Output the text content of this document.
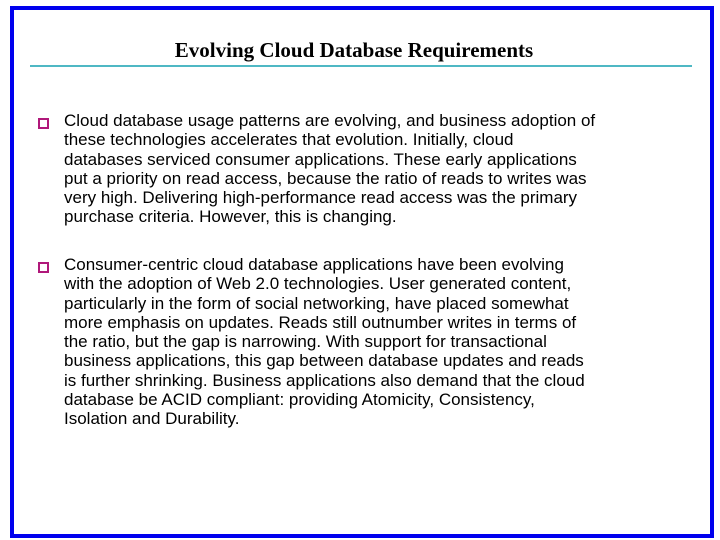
Evolving Cloud Database Requirements
Cloud database usage patterns are evolving, and business adoption of
these technologies accelerates that evolution. Initially, cloud
databases serviced consumer applications. These early applications
put a priority on read access, because the ratio of reads to writes was
very high. Delivering high-performance read access was the primary
purchase criteria. However, this is changing.
Consumer-centric cloud database applications have been evolving
with the adoption of Web 2.0 technologies. User generated content,
particularly in the form of social networking, have placed somewhat
more emphasis on updates. Reads still outnumber writes in terms of
the ratio, but the gap is narrowing. With support for transactional
business applications, this gap between database updates and reads
is further shrinking. Business applications also demand that the cloud
database be ACID compliant: providing Atomicity, Consistency,
Isolation and Durability.
